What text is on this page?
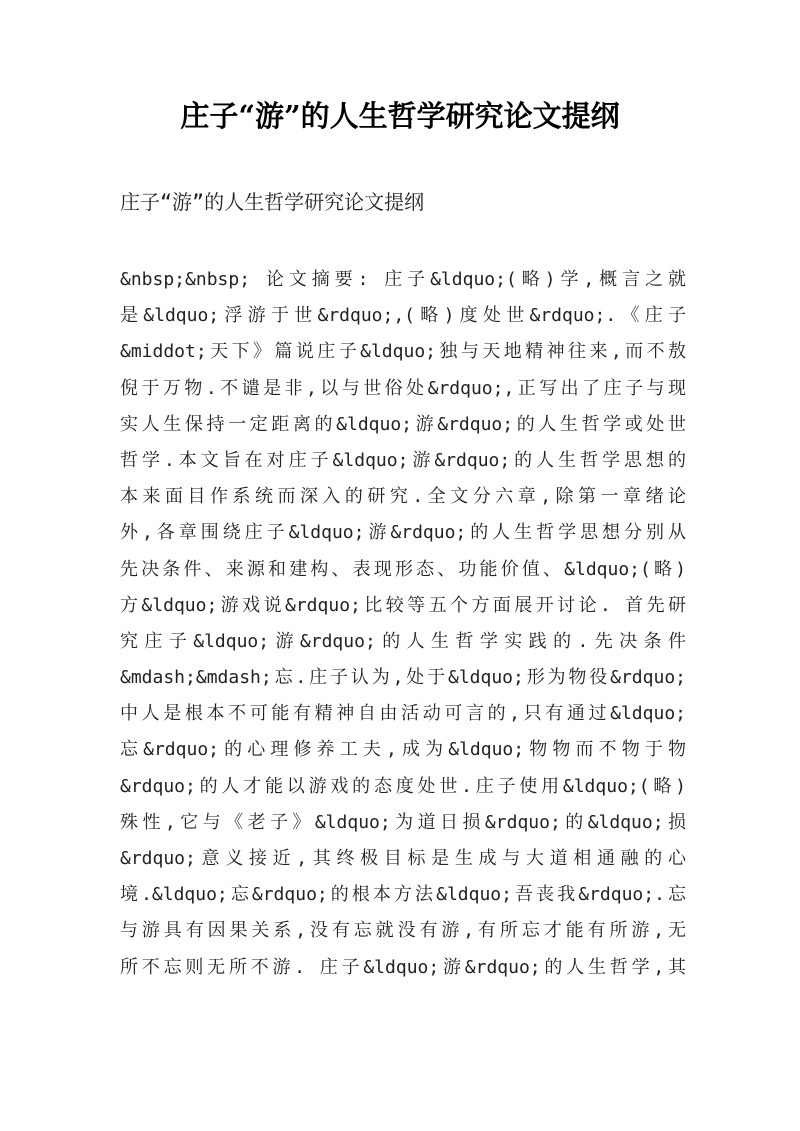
庄子“游”的人生哲学研究论文提纲

庄子“游”的人生哲学研究论文提纲

&nbsp;&nbsp; 论文摘要: 庄子&ldquo;(略)学,概言之就
是&ldquo;浮游于世&rdquo;,(略)度处世&rdquo;.《庄子
&middot;天下》篇说庄子&ldquo;独与天地精神往来,而不敖
倪于万物.不谴是非,以与世俗处&rdquo;,正写出了庄子与现
实人生保持一定距离的&ldquo;游&rdquo;的人生哲学或处世
哲学.本文旨在对庄子&ldquo;游&rdquo;的人生哲学思想的
本来面目作系统而深入的研究.全文分六章,除第一章绪论
外,各章围绕庄子&ldquo;游&rdquo;的人生哲学思想分别从
先决条件、来源和建构、表现形态、功能价值、&ldquo;(略)
方&ldquo;游戏说&rdquo;比较等五个方面展开讨论. 首先研
究庄子&ldquo;游&rdquo;的人生哲学实践的.先决条件
&mdash;&mdash;忘.庄子认为,处于&ldquo;形为物役&rdquo;
中人是根本不可能有精神自由活动可言的,只有通过&ldquo;
忘&rdquo;的心理修养工夫,成为&ldquo;物物而不物于物
&rdquo;的人才能以游戏的态度处世.庄子使用&ldquo;(略)
殊性,它与《老子》&ldquo;为道日损&rdquo;的&ldquo;损
&rdquo;意义接近,其终极目标是生成与大道相通融的心
境.&ldquo;忘&rdquo;的根本方法&ldquo;吾丧我&rdquo;.忘
与游具有因果关系,没有忘就没有游,有所忘才能有所游,无
所不忘则无所不游. 庄子&ldquo;游&rdquo;的人生哲学,其
